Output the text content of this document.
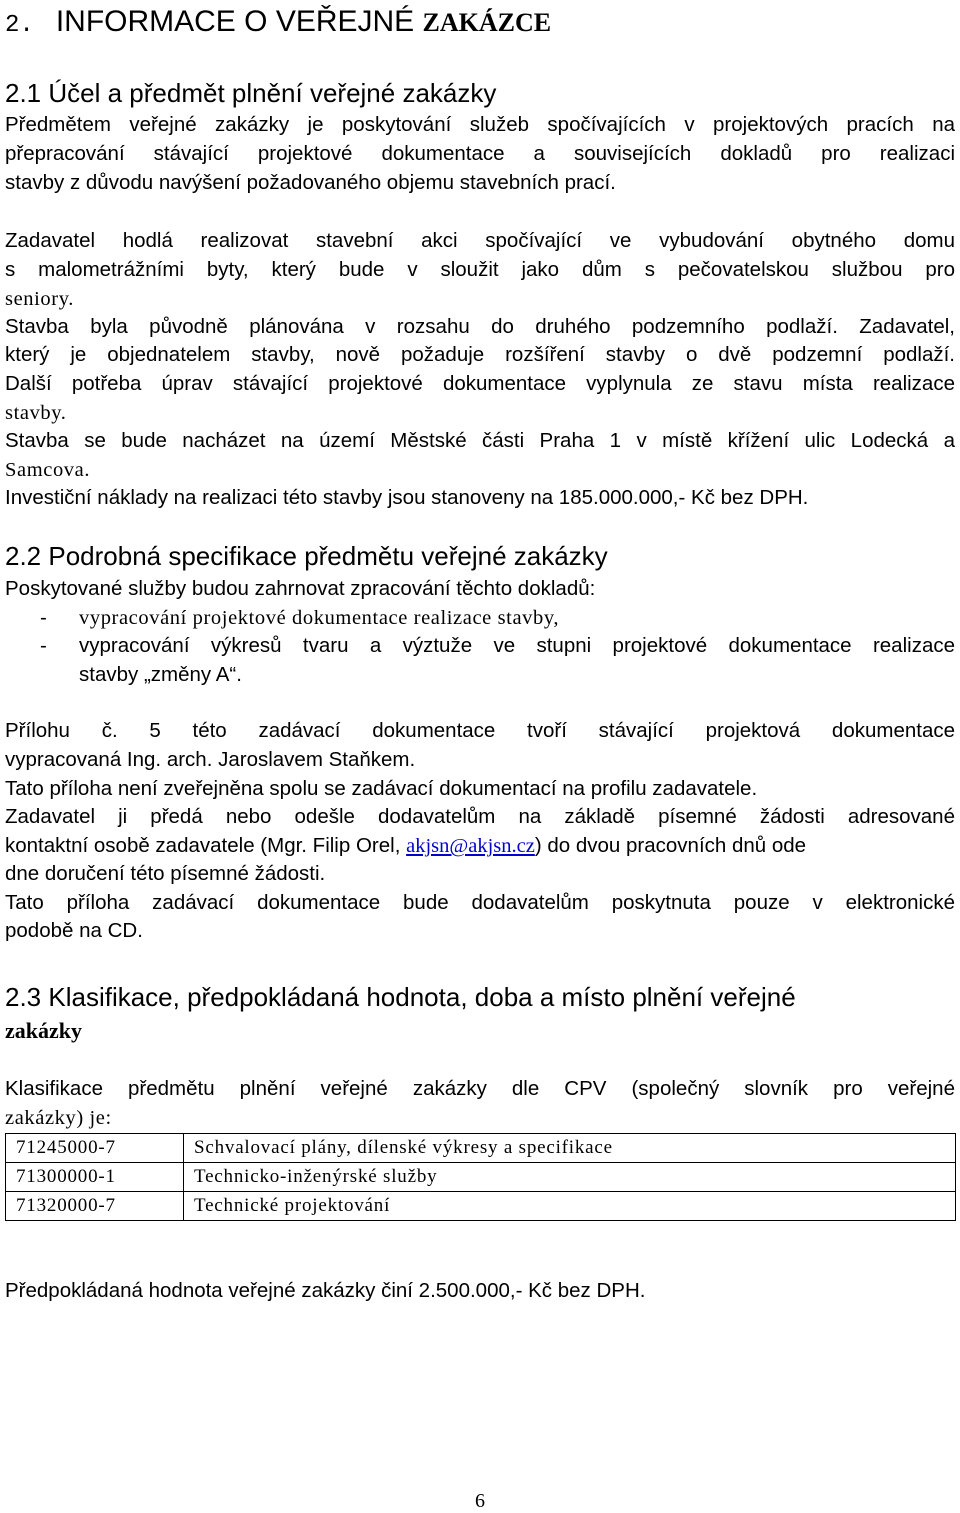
2. INFORMACE O VEŘEJNÉ ZAKÁZCE
2.1 Účel a předmět plnění veřejné zakázky
Předmětem veřejné zakázky je poskytování služeb spočívajících v projektových pracích na
přepracování stávající projektové dokumentace a souvisejících dokladů pro realizaci
stavby z důvodu navýšení požadovaného objemu stavebních prací.
Zadavatel hodlá realizovat stavební akci spočívající ve vybudování obytného domu
s malometrážními byty, který bude v sloužit jako dům s pečovatelskou službou pro
seniory.
Stavba byla původně plánována v rozsahu do druhého podzemního podlaží. Zadavatel,
který je objednatelem stavby, nově požaduje rozšíření stavby o dvě podzemní podlaží.
Další potřeba úprav stávající projektové dokumentace vyplynula ze stavu místa realizace
stavby.
Stavba se bude nacházet na území Městské části Praha 1 v místě křížení ulic Lodecká a
Samcova.
Investiční náklady na realizaci této stavby jsou stanoveny na 185.000.000,- Kč bez DPH.
2.2 Podrobná specifikace předmětu veřejné zakázky
Poskytované služby budou zahrnovat zpracování těchto dokladů:
-	vypracování projektové dokumentace realizace stavby,
-	vypracování výkresů tvaru a výztuže ve stupni projektové dokumentace realizace
stavby „změny A“.
Přílohu č. 5 této zadávací dokumentace tvoří stávající projektová dokumentace
vypracovaná Ing. arch. Jaroslavem Staňkem.
Tato příloha není zveřejněna spolu se zadávací dokumentací na profilu zadavatele.
Zadavatel ji předá nebo odešle dodavatelům na základě písemné žádosti adresované
kontaktní osobě zadavatele (Mgr. Filip Orel, akjsn@akjsn.cz) do dvou pracovních dnů ode
dne doručení této písemné žádosti.
Tato příloha zadávací dokumentace bude dodavatelům poskytnuta pouze v elektronické
podobě na CD.
2.3 Klasifikace, předpokládaná hodnota, doba a místo plnění veřejné
zakázky
Klasifikace předmětu plnění veřejné zakázky dle CPV (společný slovník pro veřejné
zakázky) je:
71245000-7	Schvalovací plány, dílenské výkresy a specifikace
71300000-1	Technicko-inženýrské služby
71320000-7	Technické projektování
Předpokládaná hodnota veřejné zakázky činí 2.500.000,- Kč bez DPH.
6
